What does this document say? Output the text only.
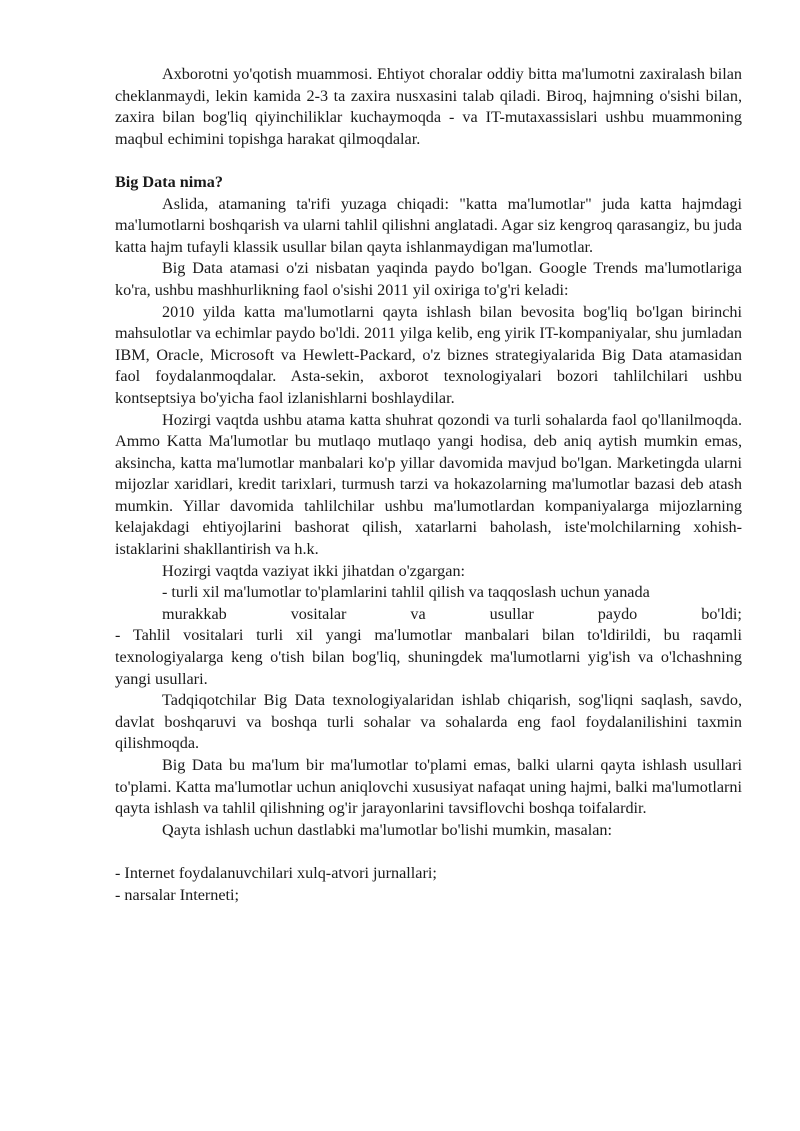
Axborotni yo'qotish muammosi. Ehtiyot choralar oddiy bitta ma'lumotni zaxiralash bilan cheklanmaydi, lekin kamida 2-3 ta zaxira nusxasini talab qiladi. Biroq, hajmning o'sishi bilan, zaxira bilan bog'liq qiyinchiliklar kuchaymoqda - va IT-mutaxassislari ushbu muammoning maqbul echimini topishga harakat qilmoqdalar.

Big Data nima?

Aslida, atamaning ta'rifi yuzaga chiqadi: "katta ma'lumotlar" juda katta hajmdagi ma'lumotlarni boshqarish va ularni tahlil qilishni anglatadi. Agar siz kengroq qarasangiz, bu juda katta hajm tufayli klassik usullar bilan qayta ishlanmaydigan ma'lumotlar.

Big Data atamasi o'zi nisbatan yaqinda paydo bo'lgan. Google Trends ma'lumotlariga ko'ra, ushbu mashhurlikning faol o'sishi 2011 yil oxiriga to'g'ri keladi:

2010 yilda katta ma'lumotlarni qayta ishlash bilan bevosita bog'liq bo'lgan birinchi mahsulotlar va echimlar paydo bo'ldi. 2011 yilga kelib, eng yirik IT-kompaniyalar, shu jumladan IBM, Oracle, Microsoft va Hewlett-Packard, o'z biznes strategiyalarida Big Data atamasidan faol foydalanmoqdalar. Asta-sekin, axborot texnologiyalari bozori tahlilchilari ushbu kontseptsiya bo'yicha faol izlanishlarni boshlaydilar.

Hozirgi vaqtda ushbu atama katta shuhrat qozondi va turli sohalarda faol qo'llanilmoqda. Ammo Katta Ma'lumotlar bu mutlaqo mutlaqo yangi hodisa, deb aniq aytish mumkin emas, aksincha, katta ma'lumotlar manbalari ko'p yillar davomida mavjud bo'lgan. Marketingda ularni mijozlar xaridlari, kredit tarixlari, turmush tarzi va hokazolarning ma'lumotlar bazasi deb atash mumkin. Yillar davomida tahlilchilar ushbu ma'lumotlardan kompaniyalarga mijozlarning kelajakdagi ehtiyojlarini bashorat qilish, xatarlarni baholash, iste'molchilarning xohish-istaklarini shakllantirish va h.k.

Hozirgi vaqtda vaziyat ikki jihatdan o'zgargan:

- turli xil ma'lumotlar to'plamlarini tahlil qilish va taqqoslash uchun yanada

murakkab	vositalar	va	usullar	paydo	bo'ldi;

- Tahlil vositalari turli xil yangi ma'lumotlar manbalari bilan to'ldirildi, bu raqamli texnologiyalarga keng o'tish bilan bog'liq, shuningdek ma'lumotlarni yig'ish va o'lchashning yangi usullari.

Tadqiqotchilar Big Data texnologiyalaridan ishlab chiqarish, sog'liqni saqlash, savdo, davlat boshqaruvi va boshqa turli sohalar va sohalarda eng faol foydalanilishini taxmin qilishmoqda.

Big Data bu ma'lum bir ma'lumotlar to'plami emas, balki ularni qayta ishlash usullari to'plami. Katta ma'lumotlar uchun aniqlovchi xususiyat nafaqat uning hajmi, balki ma'lumotlarni qayta ishlash va tahlil qilishning og'ir jarayonlarini tavsiflovchi boshqa toifalardir.

Qayta ishlash uchun dastlabki ma'lumotlar bo'lishi mumkin, masalan:

- Internet foydalanuvchilari xulq-atvori jurnallari;

- narsalar Interneti;
